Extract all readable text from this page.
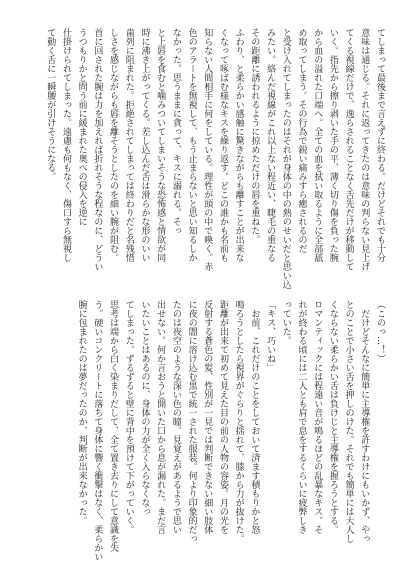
てしまって最後まで言えずに終わる。だけどそれでも十分
意味は通じる。それに返ってきたのは意味の判らない見上げ
てくる視線だけで、逸らされることなく舌先だけが移動して
いく。指先から擦り剥いた手の平、薄く切り傷を負った腕
から血の溢れた口端へ。全ての血を拭い取るように全部舐
め取ってしまう。その行為で鋭い痛みすら癒されるのだ
と受け入れてしまったのはそれが身体の中の熱のせいだと思い込
みたい。絡んだ視線がこれ以上ない程近い、睫毛の重なる
その距離に誘われるように掠めただけの唇を重ねた。
ふわり、と柔らかい感触に驚きながらも離すことが出来な
くなって啄ばむ様なキスを繰り返す。どこの誰かも名前も
知らない人間相手に何をしている。理性が頭の中で喚く。赤
色のアラートを無視して、もう止まらないと思い知るしか
なかった。思うままに貪って、キスに溺れる。そっ
と上唇を食むと噛みついてしまいそうな恐怖感と情欲が同
時に沸き上がってくる。差し込んだ舌は滑らかな形のいい
歯列に阻まれた。拒絶されてしまっては終わりだと名残惜
しさを感じながらも唇を離そうとしたのを細い腕が阻む。
首に回された腕は力を加えれば折れそうな程なのに、どうい
うつもりかと問う前に緩まれた奥への侵入を逆に
仕掛けられてしまった。遠慮も何もなく、傷口すら無視し
て動く舌に一瞬腰が引けそうになる。
（このっ…！）
　だけどそんなに簡単に主導権を許すわけにもいかず、やっ
とのことで小さい舌を押しのけた。それでも簡単には大人し
くならない柔らかい舌は負けじと主導権を握ろうとする。
ロマンティックには程遠い音が鳴るほどの乱暴なキス。そ
れが終わる頃には二人とも肩で息をするくらいに疲弊しき
っていた。
「キス、巧いね」
　お前、これだけのことをしておいて済ます積もりかと怒
鳴ろうとしたら視界がぐらりと揺れて、膝から力が抜けた。
距離が出来て初めて見えた目の前の人物の容姿。月の光を
反射する蒼色の髪、性別が一見では判断できない細い肢体
に夜の闇に溶け込む黒で統一された服装。何より印象的だっ
たのは夜空のような深い色の瞳。見覚えがあるようで思い
出せない。何か言おうと開いた口から息が漏れた。まだ言
いたいことはあるのに、身体の力が全く入らなくなっ
てしまった。ずるずると壁に背中を預けて下がっていく。
思考は端から白く染まりだして、全て置き去りにして意識を失
う。硬いコンクリートに落ちて身体に響く衝撃はなく、柔らかい
腕に包まれたのは夢だったのか、判断が出来なかった。
